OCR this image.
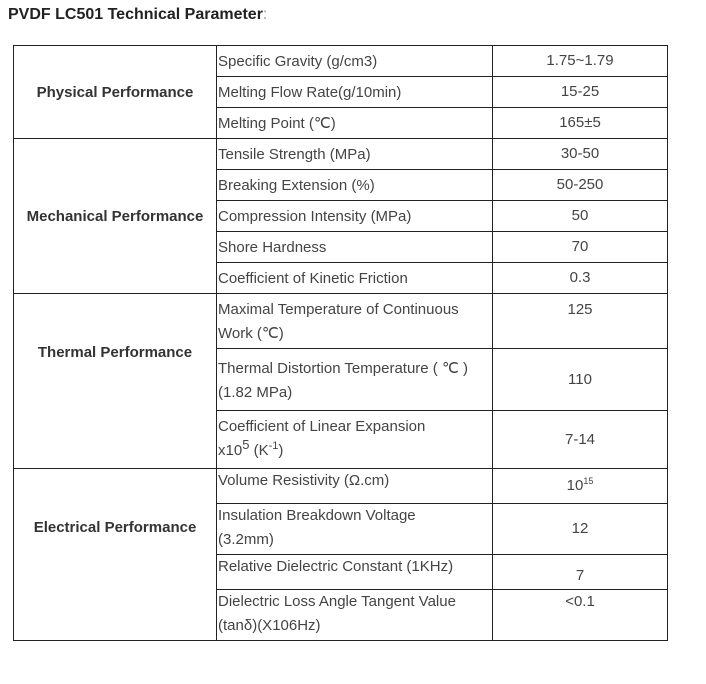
PVDF LC501 Technical Parameter:
Physical Performance	Specific Gravity (g/cm3)	1.75~1.79
	Melting Flow Rate(g/10min)	15-25
	Melting Point (℃)	165±5
Mechanical Performance	Tensile Strength (MPa)	30-50
	Breaking Extension (%)	50-250
	Compression Intensity (MPa)	50
	Shore Hardness	70
	Coefficient of Kinetic Friction	0.3
Thermal Performance	Maximal Temperature of Continuous
Work (℃)	125
	Thermal Distortion Temperature ( ℃ )
(1.82 MPa)	110
	Coefficient of Linear Expansion
$x10^5$ $(K^{-1})$	7-14
Electrical Performance	Volume Resistivity (Ω.cm)	$10^{15}$
	Insulation Breakdown Voltage
(3.2mm)	12
	Relative Dielectric Constant (1KHz)	7
	Dielectric Loss Angle Tangent Value
(tanδ)(X106Hz)	<0.1
